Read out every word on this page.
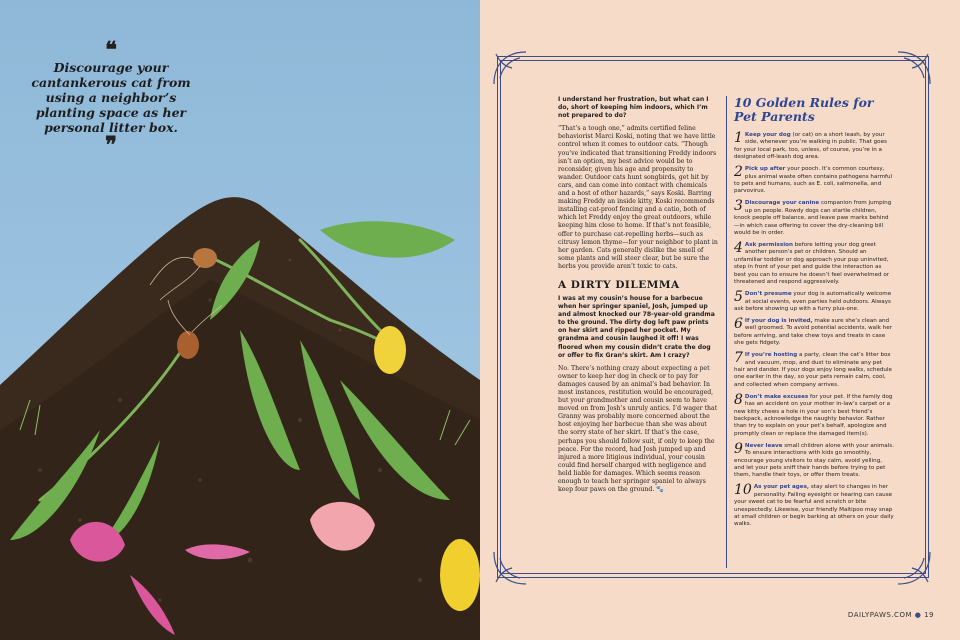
❝

Discourage your cantankerous cat from using a neighbor’s planting space as her personal litter box.

❞

I understand her frustration, but what can I do, short of keeping him indoors, which I’m not prepared to do?

“That’s a tough one,” admits certified feline behaviorist Marci Koski, noting that we have little control when it comes to outdoor cats. “Though you’ve indicated that transitioning Freddy indoors isn’t an option, my best advice would be to reconsider, given his age and propensity to wander. Outdoor cats hunt songbirds, get hit by cars, and can come into contact with chemicals and a host of other hazards,” says Koski. Barring making Freddy an inside kitty, Koski recommends installing cat-proof fencing and a catio, both of which let Freddy enjoy the great outdoors, while keeping him close to home. If that’s not feasible, offer to purchase cat-repelling herbs—such as citrusy lemon thyme—for your neighbor to plant in her garden. Cats generally dislike the smell of some plants and will steer clear, but be sure the herbs you provide aren’t toxic to cats.

A DIRTY DILEMMA

I was at my cousin’s house for a barbecue when her springer spaniel, Josh, jumped up and almost knocked our 78-year-old grandma to the ground. The dirty dog left paw prints on her skirt and ripped her pocket. My grandma and cousin laughed it off! I was floored when my cousin didn’t crate the dog or offer to fix Gran’s skirt. Am I crazy?

No. There’s nothing crazy about expecting a pet owner to keep her dog in check or to pay for damages caused by an animal’s bad behavior. In most instances, restitution would be encouraged, but your grandmother and cousin seem to have moved on from Josh’s unruly antics. I’d wager that Granny was probably more concerned about the host enjoying her barbecue than she was about the sorry state of her skirt. If that’s the case, perhaps you should follow suit, if only to keep the peace. For the record, had Josh jumped up and injured a more litigious individual, your cousin could find herself charged with negligence and held liable for damages. Which seems reason enough to teach her springer spaniel to always keep four paws on the ground. 🐾

10 Golden Rules for Pet Parents
1 Keep your dog (or cat) on a short leash, by your side, whenever you’re walking in public. That goes for your local park, too, unless, of course, you’re in a designated off-leash dog area.
2 Pick up after your pooch. It’s common courtesy, plus animal waste often contains pathogens harmful to pets and humans, such as E. coli, salmonella, and parvovirus.
3 Discourage your canine companion from jumping up on people. Rowdy dogs can startle children, knock people off balance, and leave paw marks behind—in which case offering to cover the dry-cleaning bill would be in order.
4 Ask permission before letting your dog greet another person’s pet or children. Should an unfamiliar toddler or dog approach your pup uninvited, step in front of your pet and guide the interaction as best you can to ensure he doesn’t feel overwhelmed or threatened and respond aggressively.
5 Don’t presume your dog is automatically welcome at social events, even parties held outdoors. Always ask before showing up with a furry plus-one.
6 If your dog is invited, make sure she’s clean and well groomed. To avoid potential accidents, walk her before arriving, and take chew toys and treats in case she gets fidgety.
7 If you’re hosting a party, clean the cat’s litter box and vacuum, mop, and dust to eliminate any pet hair and dander. If your dogs enjoy long walks, schedule one earlier in the day, so your pets remain calm, cool, and collected when company arrives.
8 Don’t make excuses for your pet. If the family dog has an accident on your mother in-law’s carpet or a new kitty chews a hole in your son’s best friend’s backpack, acknowledge the naughty behavior. Rather than try to explain on your pet’s behalf, apologize and promptly clean or replace the damaged item(s).
9 Never leave small children alone with your animals. To ensure interactions with kids go smoothly, encourage young visitors to stay calm, avoid yelling, and let your pets sniff their hands before trying to pet them, handle their toys, or offer them treats.
10 As your pet ages, stay alert to changes in her personality. Failing eyesight or hearing can cause your sweet cat to be fearful and scratch or bite unexpectedly. Likewise, your friendly Maltipoo may snap at small children or begin barking at others on your daily walks.
DAILYPAWS.COM ● 19
